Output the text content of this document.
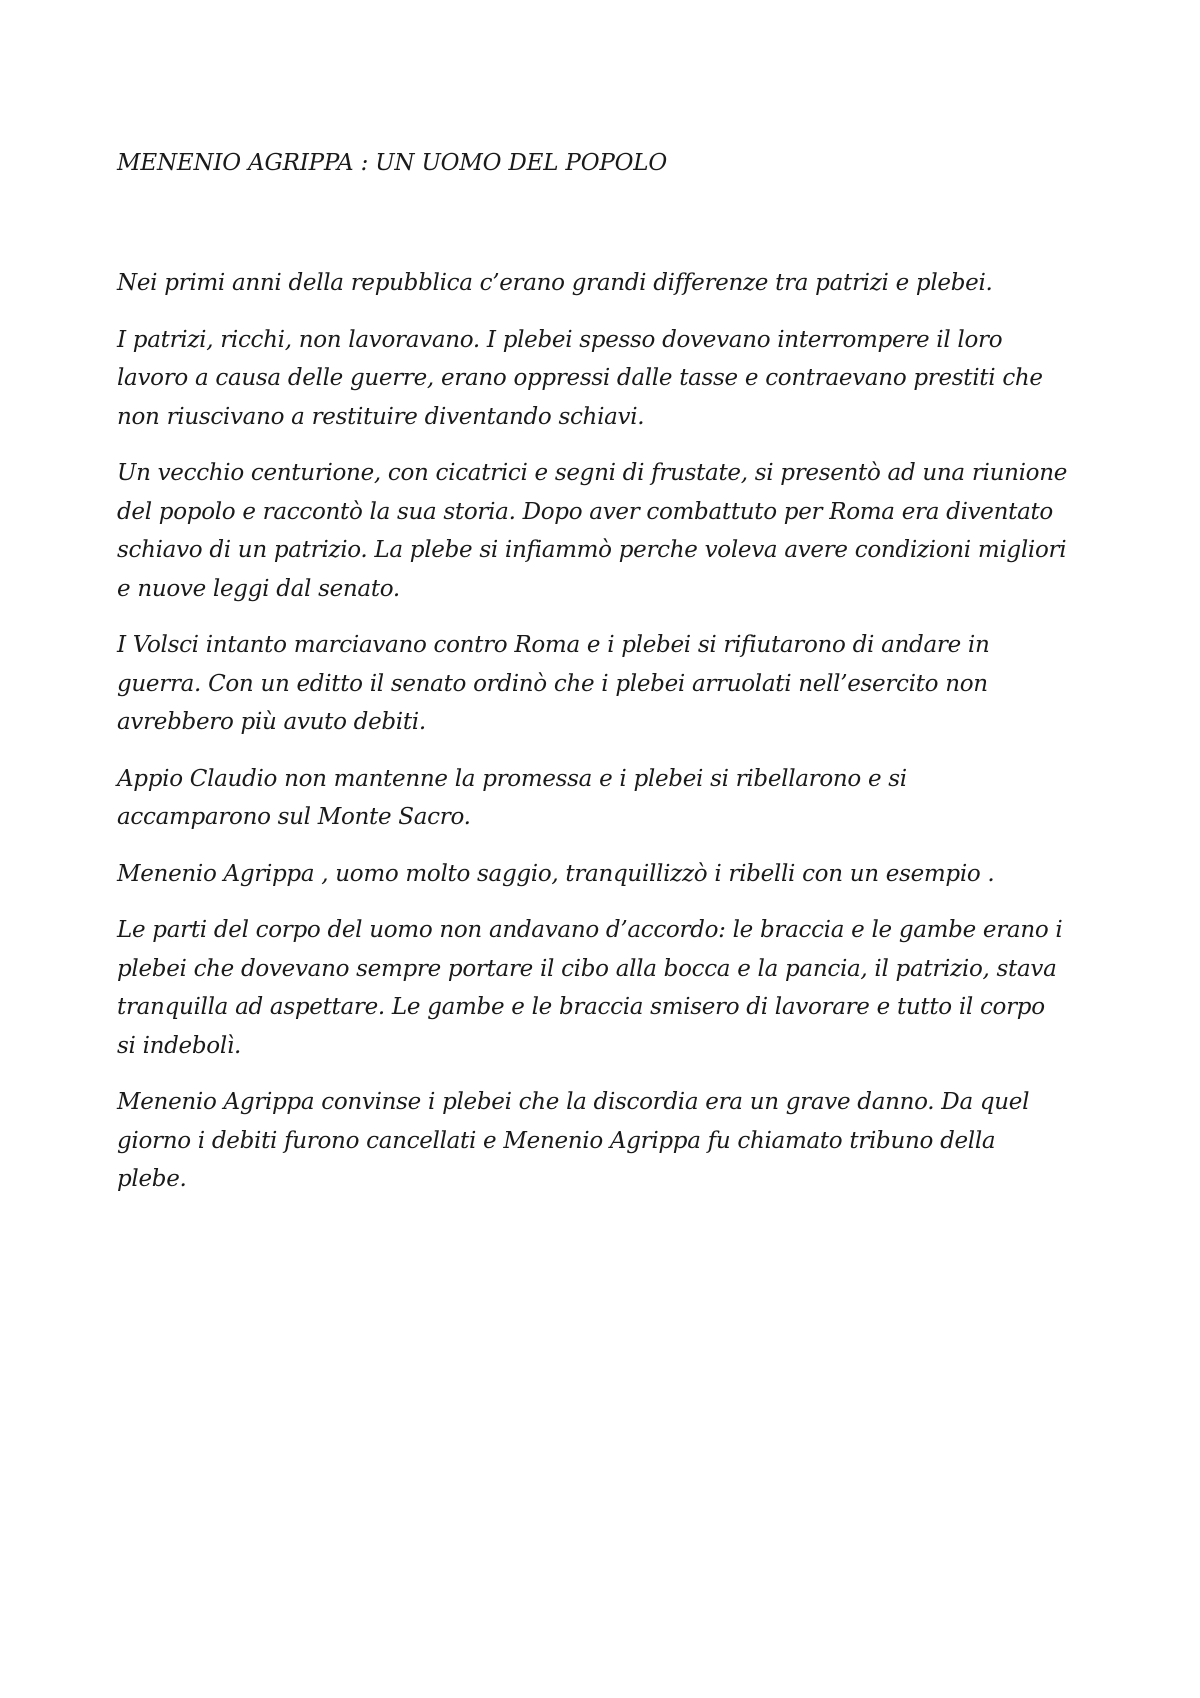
MENENIO AGRIPPA : UN UOMO DEL POPOLO

Nei primi anni della repubblica c’erano grandi differenze tra patrizi e plebei.

I patrizi, ricchi, non lavoravano. I plebei spesso dovevano interrompere il loro
lavoro a causa delle guerre, erano oppressi dalle tasse e contraevano prestiti che
non riuscivano a restituire diventando schiavi.

Un vecchio centurione, con cicatrici e segni di frustate, si presentò ad una riunione
del popolo e raccontò la sua storia. Dopo aver combattuto per Roma era diventato
schiavo di un patrizio. La plebe si infiammò perche voleva avere condizioni migliori
e nuove leggi dal senato.

I Volsci intanto marciavano contro Roma e i plebei si rifiutarono di andare in
guerra. Con un editto il senato ordinò che i plebei arruolati nell’esercito non
avrebbero più avuto debiti.

Appio Claudio non mantenne la promessa e i plebei si ribellarono e si
accamparono sul Monte Sacro.

Menenio Agrippa , uomo molto saggio, tranquillizzò i ribelli con un esempio .

Le parti del corpo del uomo non andavano d’accordo: le braccia e le gambe erano i
plebei che dovevano sempre portare il cibo alla bocca e la pancia, il patrizio, stava
tranquilla ad aspettare. Le gambe e le braccia smisero di lavorare e tutto il corpo
si indebolì.

Menenio Agrippa convinse i plebei che la discordia era un grave danno. Da quel
giorno i debiti furono cancellati e Menenio Agrippa fu chiamato tribuno della
plebe.
